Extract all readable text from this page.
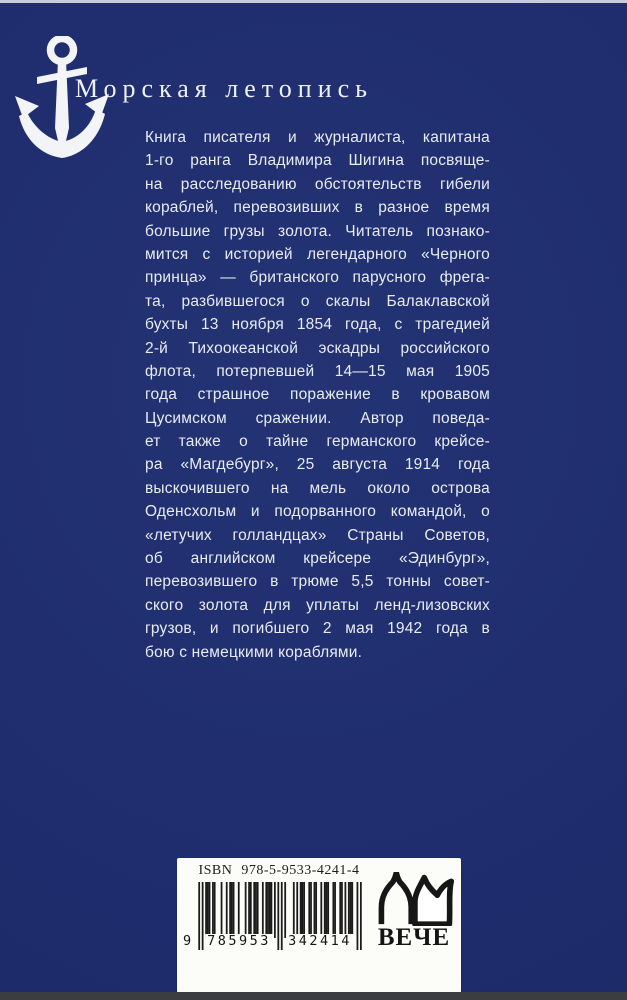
Морская летопись
Книга писателя и журналиста, капитана
1-го ранга Владимира Шигина посвяще-
на расследованию обстоятельств гибели
кораблей, перевозивших в разное время
большие грузы золота. Читатель познако-
мится с историей легендарного «Черного
принца» — британского парусного фрега-
та, разбившегося о скалы Балаклавской
бухты 13 ноября 1854 года, с трагедией
2-й Тихоокеанской эскадры российского
флота, потерпевшей 14—15 мая 1905
года страшное поражение в кровавом
Цусимском сражении. Автор поведа-
ет также о тайне германского крейсе-
ра «Магдебург», 25 августа 1914 года
выскочившего на мель около острова
Оденсхольм и подорванного командой, о
«летучих голландцах» Страны Советов,
об английском крейсере «Эдинбург»,
перевозившего в трюме 5,5 тонны совет-
ского золота для уплаты ленд-лизовских
грузов, и погибшего 2 мая 1942 года в
бою с немецкими кораблями.
ISBN 978-5-9533-4241-4
9 785953 342414 ВЕЧЕ
